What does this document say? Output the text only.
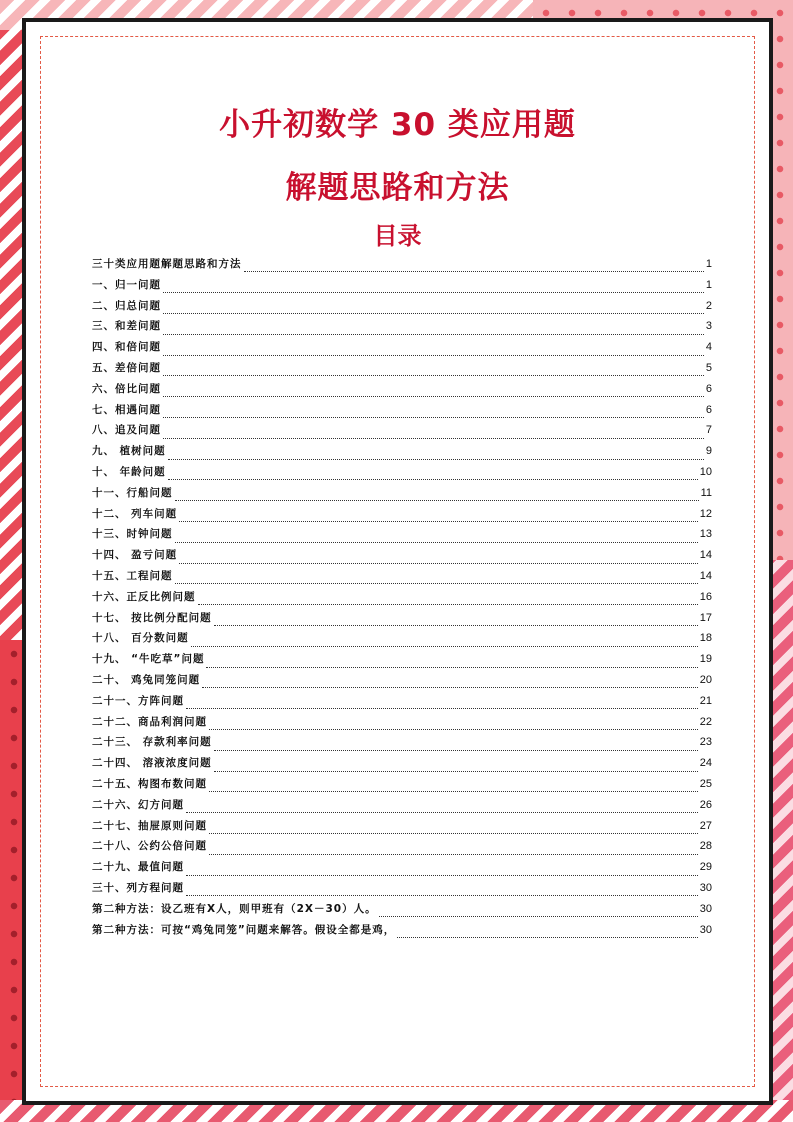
小升初数学 30 类应用题
解题思路和方法
目录
三十类应用题解题思路和方法	1
一、归一问题	1
二、归总问题	2
三、和差问题	3
四、和倍问题	4
五、差倍问题	5
六、倍比问题	6
七、相遇问题	6
八、追及问题	7
九、 植树问题	9
十、 年龄问题	10
十一、行船问题	11
十二、 列车问题	12
十三、时钟问题	13
十四、 盈亏问题	14
十五、工程问题	14
十六、正反比例问题	16
十七、 按比例分配问题	17
十八、 百分数问题	18
十九、 “牛吃草”问题	19
二十、 鸡兔同笼问题	20
二十一、方阵问题	21
二十二、商品利润问题	22
二十三、 存款利率问题	23
二十四、 溶液浓度问题	24
二十五、构图布数问题	25
二十六、幻方问题	26
二十七、抽屉原则问题	27
二十八、公约公倍问题	28
二十九、最值问题	29
三十、列方程问题	30
第二种方法：设乙班有X人，则甲班有（2X－30）人。	30
第二种方法：可按“鸡兔同笼”问题来解答。假设全都是鸡，	30
